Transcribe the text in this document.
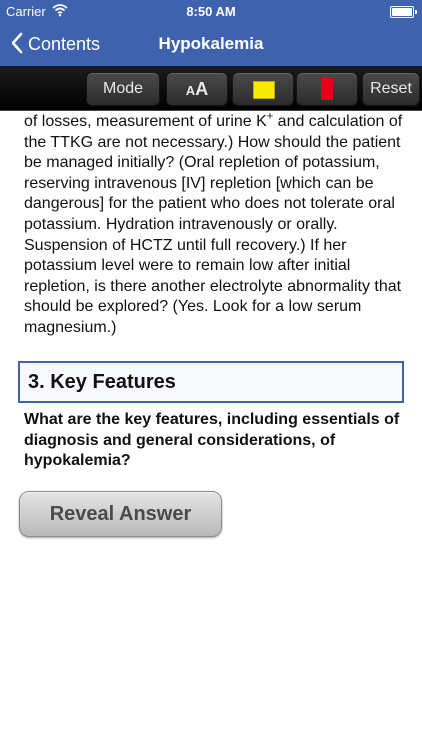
Carrier	8:50 AM
Contents	Hypokalemia
Mode	AA	Reset

of losses, measurement of urine K+ and calculation of the TTKG are not necessary.) How should the patient be managed initially? (Oral repletion of potassium, reserving intravenous [IV] repletion [which can be dangerous] for the patient who does not tolerate oral potassium. Hydration intravenously or orally. Suspension of HCTZ until full recovery.) If her potassium level were to remain low after initial repletion, is there another electrolyte abnormality that should be explored? (Yes. Look for a low serum magnesium.)

3. Key Features
What are the key features, including essentials of diagnosis and general considerations, of hypokalemia?
Reveal Answer
